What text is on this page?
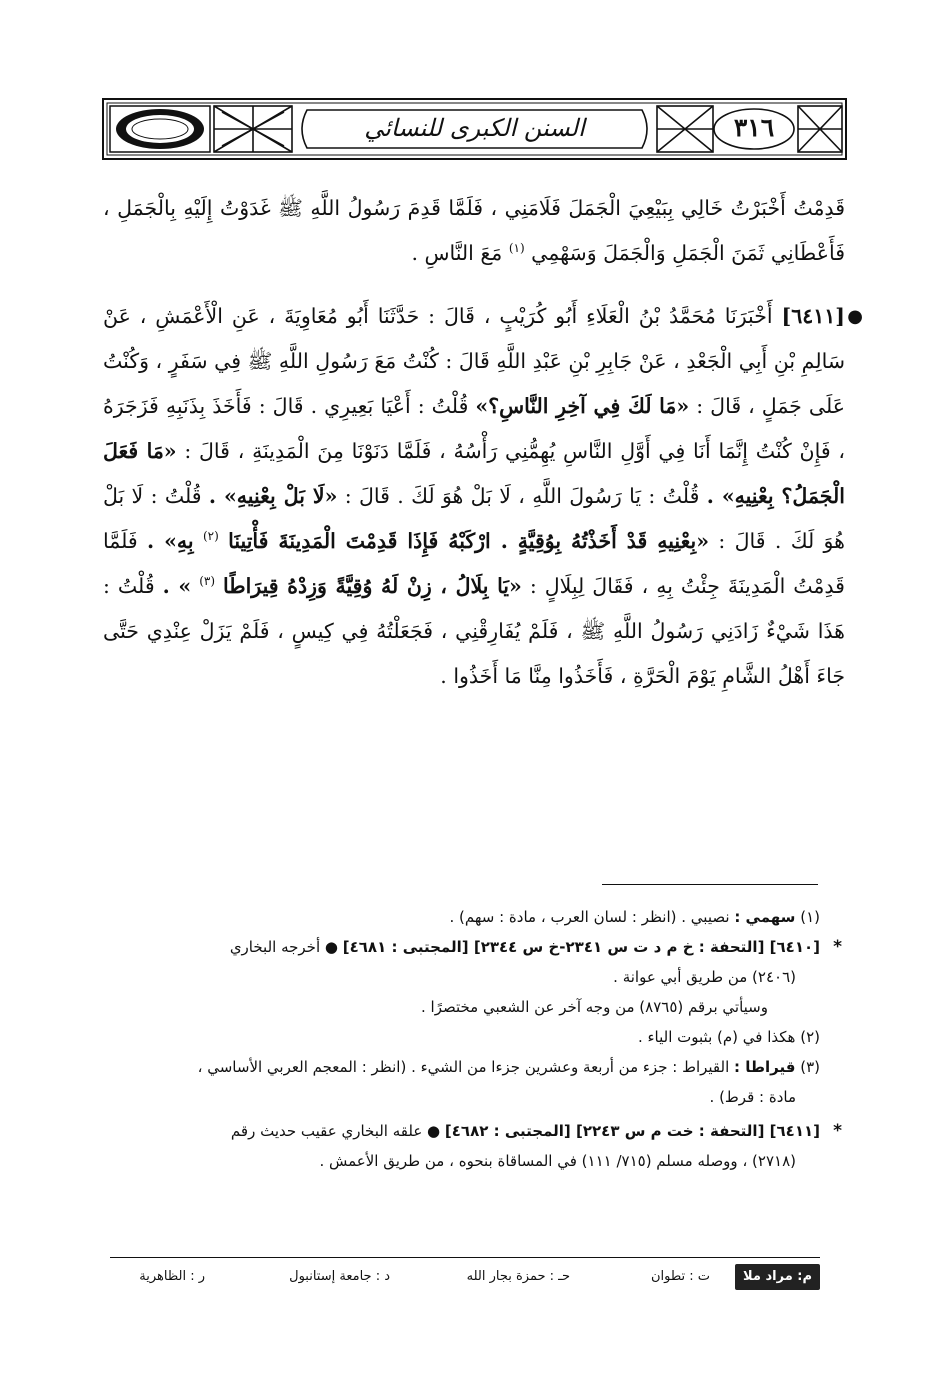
السنن الكبرى للنسائي	٣١٦

قَدِمْتُ أَخْبَرْتُ خَالِي بِبَيْعِيَ الْجَمَلَ فَلَامَنِي ، فَلَمَّا قَدِمَ رَسُولُ اللَّهِ ﷺ غَدَوْتُ إِلَيْهِ بِالْجَمَلِ ، فَأَعْطَانِي ثَمَنَ الْجَمَلِ وَالْجَمَلَ وَسَهْمِي $^{(١)}$ مَعَ النَّاسِ .

●
[٦٤١١] أَخْبَرَنَا مُحَمَّدُ بْنُ الْعَلَاءِ أَبُو كُرَيْبٍ ، قَالَ : حَدَّثَنَا أَبُو مُعَاوِيَةَ ، عَنِ الْأَعْمَشِ ، عَنْ سَالِمِ بْنِ أَبِي الْجَعْدِ ، عَنْ جَابِرِ بْنِ عَبْدِ اللَّهِ قَالَ : كُنْتُ مَعَ رَسُولِ اللَّهِ ﷺ فِي سَفَرٍ ، وَكُنْتُ عَلَى جَمَلٍ ، قَالَ : «مَا لَكَ فِي آخِرِ النَّاسِ؟» قُلْتُ : أَعْيَا بَعِيرِي . قَالَ : فَأَخَذَ بِذَنَبِهِ فَزَجَرَهُ ، فَإِنْ كُنْتُ إِنَّمَا أَنَا فِي أَوَّلِ النَّاسِ يُهِمُّنِي رَأْسُهُ ، فَلَمَّا دَنَوْنَا مِنَ الْمَدِينَةِ ، قَالَ : «مَا فَعَلَ الْجَمَلُ؟ بِعْنِيهِ» . قُلْتُ : يَا رَسُولَ اللَّهِ ، لَا بَلْ هُوَ لَكَ . قَالَ : «لَا بَلْ بِعْنِيهِ» . قُلْتُ : لَا بَلْ هُوَ لَكَ . قَالَ : «بِعْنِيهِ قَدْ أَخَذْتُهُ بِوُقِيَّةٍ . ارْكَبْهُ فَإِذَا قَدِمْتَ الْمَدِينَةَ فَأْتِينَا $^{(٢)}$ بِهِ» . فَلَمَّا قَدِمْتُ الْمَدِينَةَ جِئْتُ بِهِ ، فَقَالَ لِبِلَالٍ : «يَا بِلَالُ ، زِنْ لَهُ وُقِيَّةً وَزِدْهُ قِيرَاطًا $^{(٣)}$ » . قُلْتُ : هَذَا شَيْءٌ زَادَنِي رَسُولُ اللَّهِ ﷺ ، فَلَمْ يُفَارِقْنِي ، فَجَعَلْتُهُ فِي كِيسٍ ، فَلَمْ يَزَلْ عِنْدِي حَتَّى جَاءَ أَهْلُ الشَّامِ يَوْمَ الْحَرَّةِ ، فَأَخَذُوا مِنَّا مَا أَخَذُوا .

(١) سهمي : نصيبي . (انظر : لسان العرب ، مادة : سهم) .
*
[٦٤١٠] [التحفة : خ م د ت س ٢٣٤١-خ س ٢٣٤٤] [المجتبى : ٤٦٨١] ● أخرجه البخاري
(٢٤٠٦) من طريق أبي عوانة .
وسيأتي برقم (٨٧٦٥) من وجه آخر عن الشعبي مختصرًا .
(٢) هكذا في (م) بثبوت الياء .
(٣) قيراطا : القيراط : جزء من أربعة وعشرين جزءا من الشيء . (انظر : المعجم العربي الأساسي ،
مادة : قرط) .
*
[٦٤١١] [التحفة : خت م س ٢٢٤٣] [المجتبى : ٤٦٨٢] ● علقه البخاري عقيب حديث رقم
(٢٧١٨) ، ووصله مسلم (٧١٥/ ١١١) في المساقاة بنحوه ، من طريق الأعمش .
م: مراد ملا
ت : تطوان
حـ : حمزة بجار الله
د : جامعة إستانبول
ر : الظاهرية
